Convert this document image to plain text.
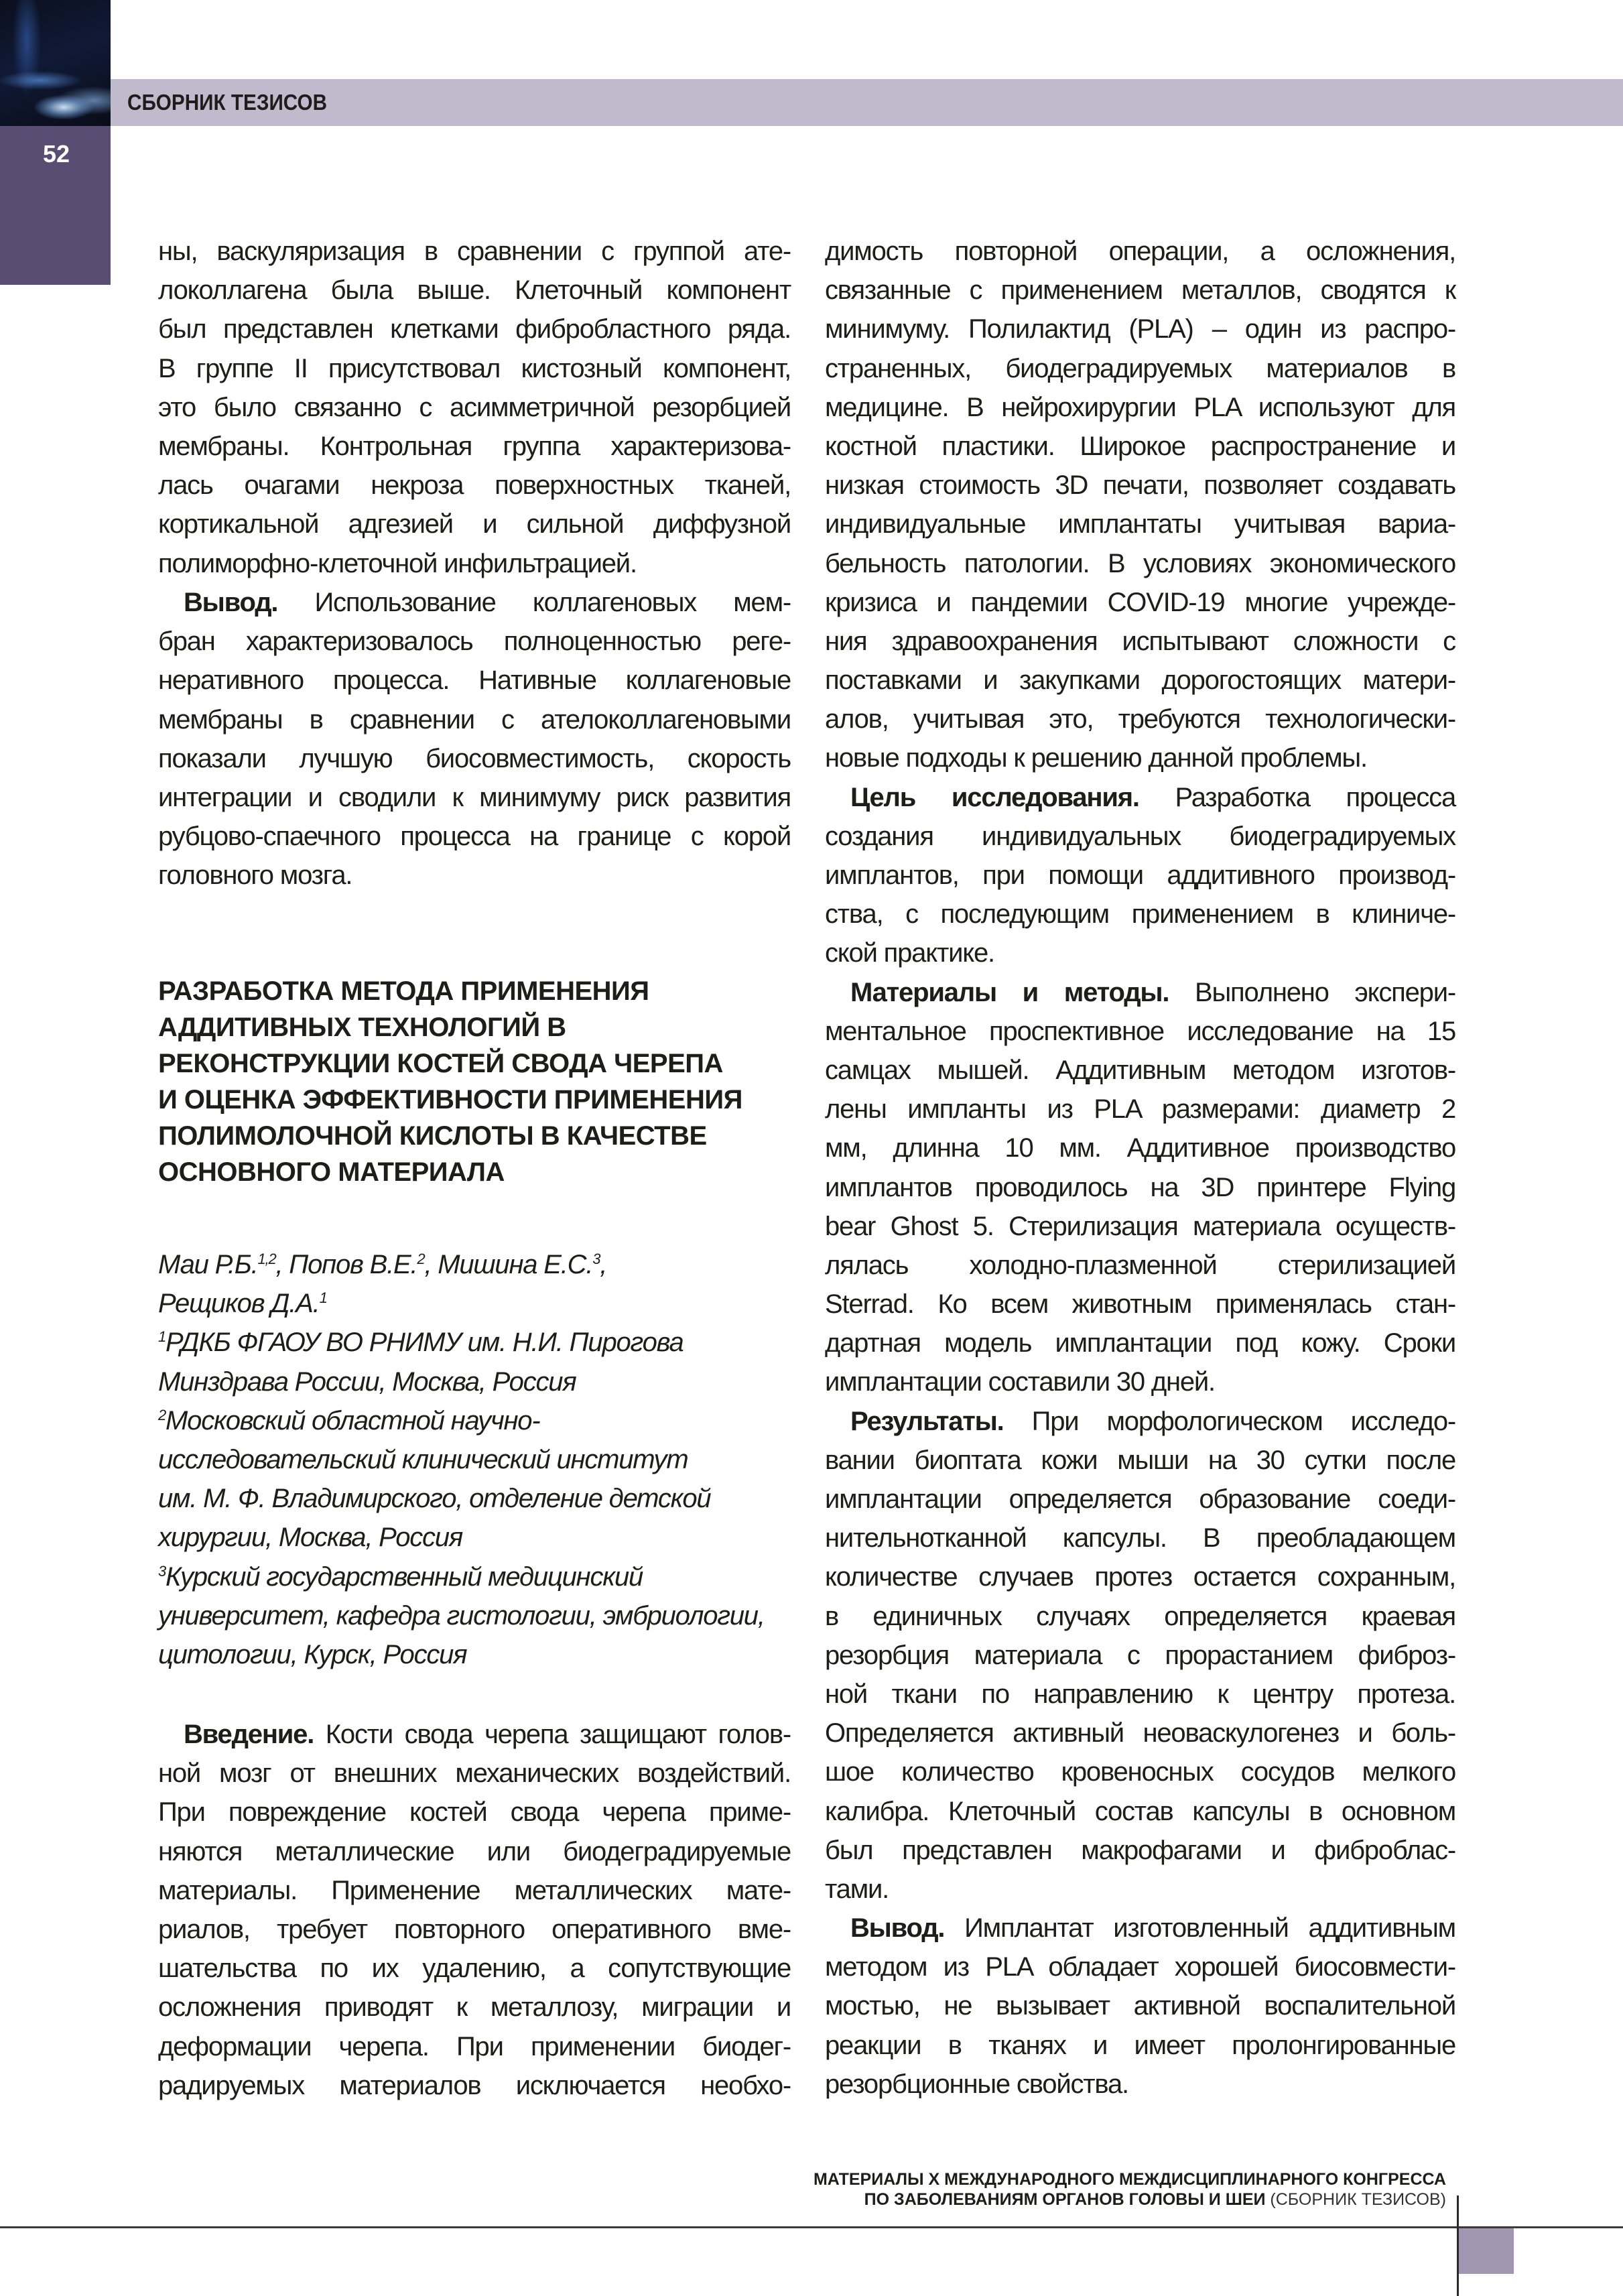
СБОРНИК ТЕЗИСОВ
52
ны, васкуляризация в сравнении с группой ате-
локоллагена была выше. Клеточный компонент
был представлен клетками фибробластного ряда.
В группе II присутствовал кистозный компонент,
это было связанно с асимметричной резорбцией
мембраны. Контрольная группа характеризова-
лась очагами некроза поверхностных тканей,
кортикальной адгезией и сильной диффузной
полиморфно-клеточной инфильтрацией.
Вывод. Использование коллагеновых мем-
бран характеризовалось полноценностью реге-
неративного процесса. Нативные коллагеновые
мембраны в сравнении с ателоколлагеновыми
показали лучшую биосовместимость, скорость
интеграции и сводили к минимуму риск развития
рубцово-спаечного процесса на границе с корой
головного мозга.
РАЗРАБОТКА МЕТОДА ПРИМЕНЕНИЯ
АДДИТИВНЫХ ТЕХНОЛОГИЙ В
РЕКОНСТРУКЦИИ КОСТЕЙ СВОДА ЧЕРЕПА
И ОЦЕНКА ЭФФЕКТИВНОСТИ ПРИМЕНЕНИЯ
ПОЛИМОЛОЧНОЙ КИСЛОТЫ В КАЧЕСТВЕ
ОСНОВНОГО МАТЕРИАЛА
Маи Р.Б.$^{1,2}$, Попов В.Е.$^2$, Мишина Е.С.$^3$,
Рещиков Д.А.$^1$
$^1$РДКБ ФГАОУ ВО РНИМУ им. Н.И. Пирогова
Минздрава России, Москва, Россия
$^2$Московский областной научно-
исследовательский клинический институт
им. М. Ф. Владимирского, отделение детской
хирургии, Москва, Россия
$^3$Курский государственный медицинский
университет, кафедра гистологии, эмбриологии,
цитологии, Курск, Россия
Введение. Кости свода черепа защищают голов-
ной мозг от внешних механических воздействий.
При повреждение костей свода черепа приме-
няются металлические или биодеградируемые
материалы. Применение металлических мате-
риалов, требует повторного оперативного вме-
шательства по их удалению, а сопутствующие
осложнения приводят к металлозу, миграции и
деформации черепа. При применении биодег-
радируемых материалов исключается необхо-
димость повторной операции, а осложнения,
связанные с применением металлов, сводятся к
минимуму. Полилактид (PLA) – один из распро-
страненных, биодеградируемых материалов в
медицине. В нейрохирургии PLA используют для
костной пластики. Широкое распространение и
низкая стоимость 3D печати, позволяет создавать
индивидуальные имплантаты учитывая вариа-
бельность патологии. В условиях экономического
кризиса и пандемии COVID-19 многие учрежде-
ния здравоохранения испытывают сложности с
поставками и закупками дорогостоящих матери-
алов, учитывая это, требуются технологически-
новые подходы к решению данной проблемы.
Цель исследования. Разработка процесса
создания индивидуальных биодеградируемых
имплантов, при помощи аддитивного производ-
ства, с последующим применением в клиниче-
ской практике.
Материалы и методы. Выполнено экспери-
ментальное проспективное исследование на 15
самцах мышей. Аддитивным методом изготов-
лены импланты из PLA размерами: диаметр 2
мм, длинна 10 мм. Аддитивное производство
имплантов проводилось на 3D принтере Flying
bear Ghost 5. Стерилизация материала осуществ-
лялась холодно-плазменной стерилизацией
Sterrad. Ко всем животным применялась стан-
дартная модель имплантации под кожу. Сроки
имплантации составили 30 дней.
Результаты. При морфологическом исследо-
вании биоптата кожи мыши на 30 сутки после
имплантации определяется образование соеди-
нительнотканной капсулы. В преобладающем
количестве случаев протез остается сохранным,
в единичных случаях определяется краевая
резорбция материала с прорастанием фиброз-
ной ткани по направлению к центру протеза.
Определяется активный неоваскулогенез и боль-
шое количество кровеносных сосудов мелкого
калибра. Клеточный состав капсулы в основном
был представлен макрофагами и фиброблас-
тами.
Вывод. Имплантат изготовленный аддитивным
методом из PLA обладает хорошей биосовмести-
мостью, не вызывает активной воспалительной
реакции в тканях и имеет пролонгированные
резорбционные свойства.
МАТЕРИАЛЫ X МЕЖДУНАРОДНОГО МЕЖДИСЦИПЛИНАРНОГО КОНГРЕССА
ПО ЗАБОЛЕВАНИЯМ ОРГАНОВ ГОЛОВЫ И ШЕИ (СБОРНИК ТЕЗИСОВ)
